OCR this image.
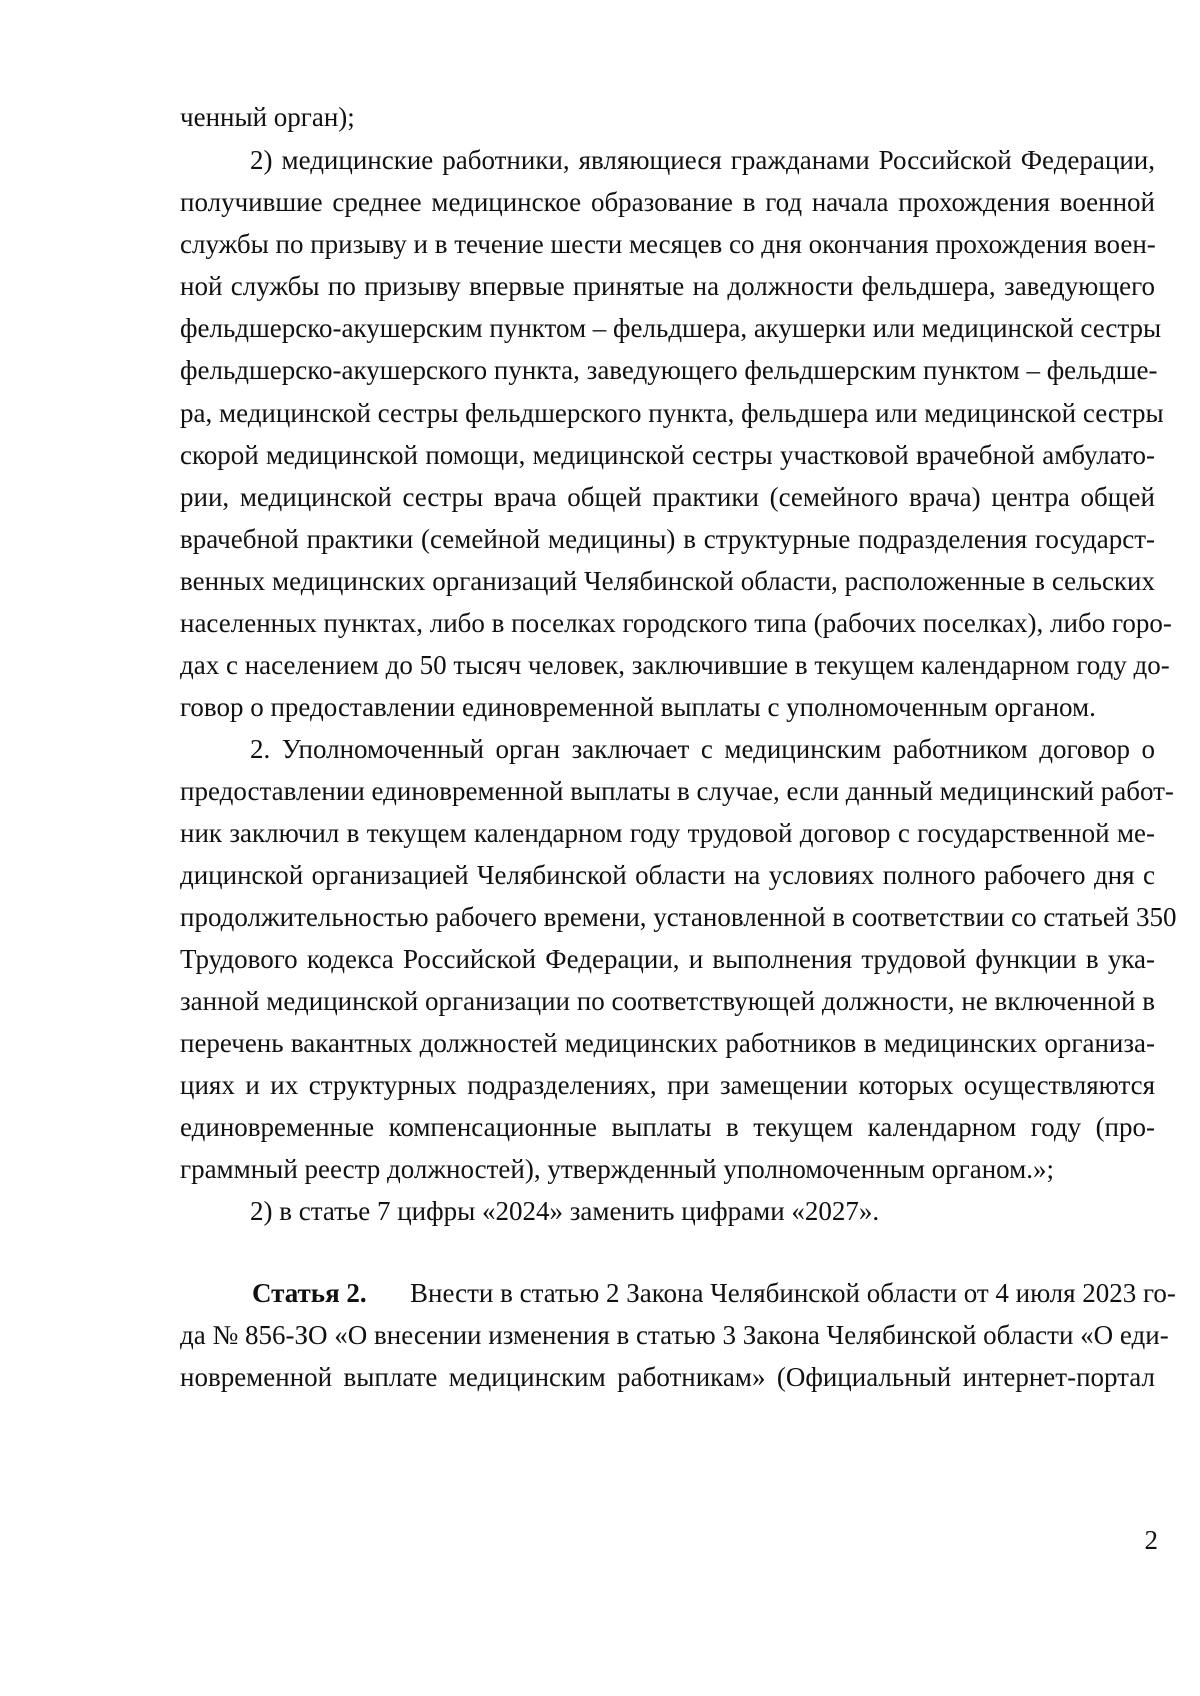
ченный орган);
2) медицинские работники, являющиеся гражданами Российской Федерации,
получившие среднее медицинское образование в год начала прохождения военной
службы по призыву и в течение шести месяцев со дня окончания прохождения воен-
ной службы по призыву впервые принятые на должности фельдшера, заведующего
фельдшерско-акушерским пунктом – фельдшера, акушерки или медицинской сестры
фельдшерско-акушерского пункта, заведующего фельдшерским пунктом – фельдше-
ра, медицинской сестры фельдшерского пункта, фельдшера или медицинской сестры
скорой медицинской помощи, медицинской сестры участковой врачебной амбулато-
рии, медицинской сестры врача общей практики (семейного врача) центра общей
врачебной практики (семейной медицины) в структурные подразделения государст-
венных медицинских организаций Челябинской области, расположенные в сельских
населенных пунктах, либо в поселках городского типа (рабочих поселках), либо горо-
дах с населением до 50 тысяч человек, заключившие в текущем календарном году до-
говор о предоставлении единовременной выплаты с уполномоченным органом.
2. Уполномоченный орган заключает с медицинским работником договор о
предоставлении единовременной выплаты в случае, если данный медицинский работ-
ник заключил в текущем календарном году трудовой договор с государственной ме-
дицинской организацией Челябинской области на условиях полного рабочего дня с
продолжительностью рабочего времени, установленной в соответствии со статьей 350
Трудового кодекса Российской Федерации, и выполнения трудовой функции в ука-
занной медицинской организации по соответствующей должности, не включенной в
перечень вакантных должностей медицинских работников в медицинских организа-
циях и их структурных подразделениях, при замещении которых осуществляются
единовременные компенсационные выплаты в текущем календарном году (про-
граммный реестр должностей), утвержденный уполномоченным органом.»;
2) в статье 7 цифры «2024» заменить цифрами «2027».
Статья 2. Внести в статью 2 Закона Челябинской области от 4 июля 2023 го-
да № 856-ЗО «О внесении изменения в статью 3 Закона Челябинской области «О еди-
новременной выплате медицинским работникам» (Официальный интернет-портал
2
